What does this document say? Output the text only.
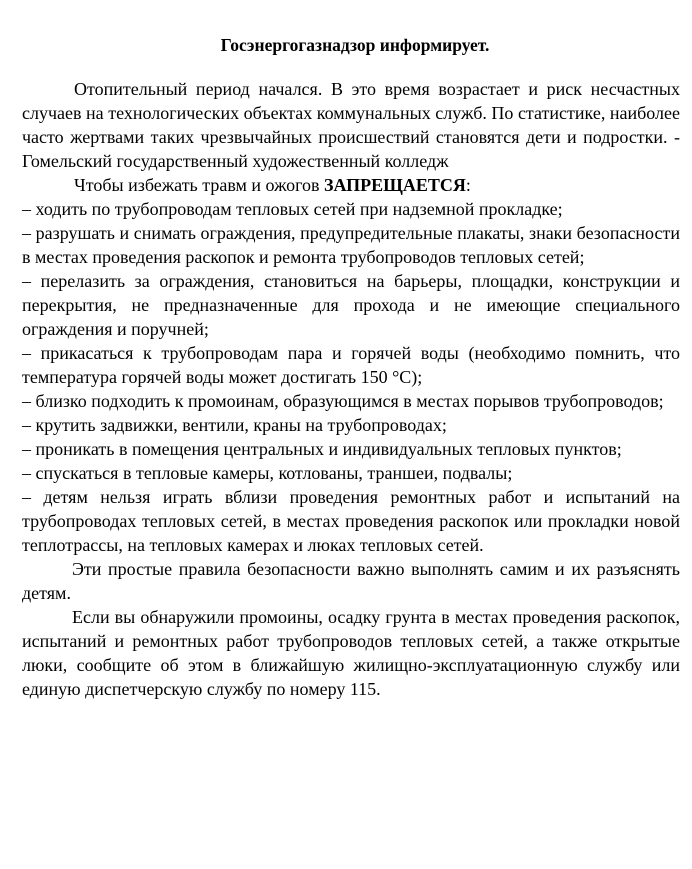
Госэнергогазнадзор информирует.

Отопительный период начался. В это время возрастает и риск несчастных случаев на технологических объектах коммунальных служб. По статистике, наиболее часто жертвами таких чрезвычайных происшествий становятся дети и подростки. - Гомельский государственный художественный колледж

Чтобы избежать травм и ожогов ЗАПРЕЩАЕТСЯ:

– ходить по трубопроводам тепловых сетей при надземной прокладке;

– разрушать и снимать ограждения, предупредительные плакаты, знаки безопасности в местах проведения раскопок и ремонта трубопроводов тепловых сетей;

– перелазить за ограждения, становиться на барьеры, площадки, конструкции и перекрытия, не предназначенные для прохода и не имеющие специального ограждения и поручней;

– прикасаться к трубопроводам пара и горячей воды (необходимо помнить, что температура горячей воды может достигать 150 °С);

– близко подходить к промоинам, образующимся в местах порывов трубопроводов;

– крутить задвижки, вентили, краны на трубопроводах;

– проникать в помещения центральных и индивидуальных тепловых пунктов;

– спускаться в тепловые камеры, котлованы, траншеи, подвалы;

– детям нельзя играть вблизи проведения ремонтных работ и испытаний на трубопроводах тепловых сетей, в местах проведения раскопок или прокладки новой теплотрассы, на тепловых камерах и люках тепловых сетей.

Эти простые правила безопасности важно выполнять самим и их разъяснять детям.

Если вы обнаружили промоины, осадку грунта в местах проведения раскопок, испытаний и ремонтных работ трубопроводов тепловых сетей, а также открытые люки, сообщите об этом в ближайшую жилищно-эксплуатационную службу или единую диспетчерскую службу по номеру 115.
